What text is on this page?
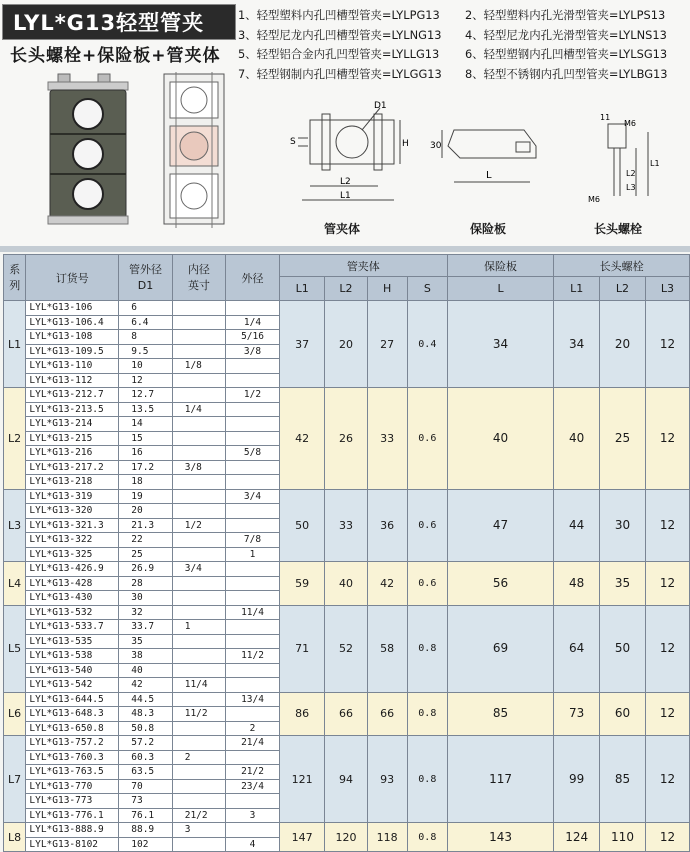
LYL*G13轻型管夹
长头螺栓+保险板+管夹体
1、轻型塑料内孔凹槽型管夹=LYLPG13	2、轻型塑料内孔光滑型管夹=LYLPS13
3、轻型尼龙内孔凹槽型管夹=LYLNG13	4、轻型尼龙内孔光滑型管夹=LYLNS13
5、轻型铝合金内孔凹型管夹=LYLLG13	6、轻型塑钢内孔凹槽型管夹=LYLSG13
7、轻型钢制内孔凹槽型管夹=LYLGG13	8、轻型不锈钢内孔凹型管夹=LYLBG13
D1
H
S
L2
L1
30
L
11
M6
L1
L2
L3
M6
管夹体	保险板	长头螺栓
系
列	订货号	管外径
D1	内径
英寸	外径	管夹体				保险板	长头螺栓		
					L1	L2	H	S	L	L1	L2	L3
L1	LYL*G13-106	6			37	20	27	0.4	34	34	20	12
	LYL*G13-106.4	6.4		1/4								
	LYL*G13-108	8		5/16								
	LYL*G13-109.5	9.5		3/8								
	LYL*G13-110	10	1/8									
	LYL*G13-112	12										
L2	LYL*G13-212.7	12.7		1/2	42	26	33	0.6	40	40	25	12
	LYL*G13-213.5	13.5	1/4									
	LYL*G13-214	14										
	LYL*G13-215	15										
	LYL*G13-216	16		5/8								
	LYL*G13-217.2	17.2	3/8									
	LYL*G13-218	18										
L3	LYL*G13-319	19		3/4	50	33	36	0.6	47	44	30	12
	LYL*G13-320	20										
	LYL*G13-321.3	21.3	1/2									
	LYL*G13-322	22		7/8								
	LYL*G13-325	25		1								
L4	LYL*G13-426.9	26.9	3/4		59	40	42	0.6	56	48	35	12
	LYL*G13-428	28										
	LYL*G13-430	30										
L5	LYL*G13-532	32		11/4	71	52	58	0.8	69	64	50	12
	LYL*G13-533.7	33.7	1									
	LYL*G13-535	35										
	LYL*G13-538	38		11/2								
	LYL*G13-540	40										
	LYL*G13-542	42	11/4									
L6	LYL*G13-644.5	44.5		13/4	86	66	66	0.8	85	73	60	12
	LYL*G13-648.3	48.3	11/2									
	LYL*G13-650.8	50.8		2								
L7	LYL*G13-757.2	57.2		21/4	121	94	93	0.8	117	99	85	12
	LYL*G13-760.3	60.3	2									
	LYL*G13-763.5	63.5		21/2								
	LYL*G13-770	70		23/4								
	LYL*G13-773	73										
	LYL*G13-776.1	76.1	21/2	3								
L8	LYL*G13-888.9	88.9	3		147	120	118	0.8	143	124	110	12
	LYL*G13-8102	102		4								
